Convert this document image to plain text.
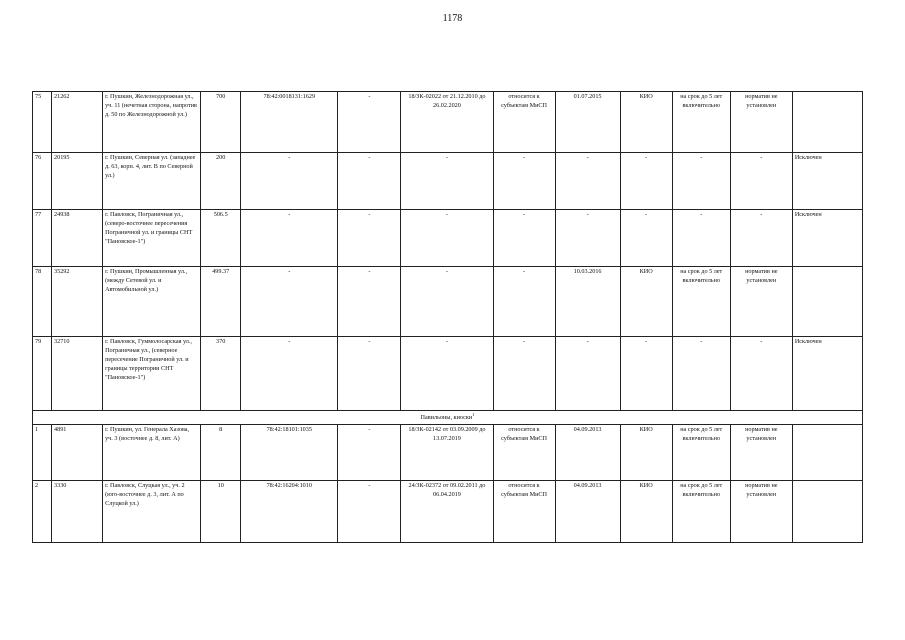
1178
75	21262	г. Пушкин, Железнодорожная ул., уч. 11 (нечетная сторона, напротив д. 50 по Железнодорожной ул.)	700	78:42:0018131:1629	-	18/ЗК-02022 от 21.12.2010 до 26.02.2020	относится к субъектам МиСП	01.07.2015	КИО	на срок до 5 лет включительно	норматив не установлен	
76	20195	г. Пушкин, Северная ул. (западнее д. 63, корп. 4, лит. В по Северной ул.)	200	-	-	-	-	-	-	-	-	Исключен
77	24938	г. Павловск, Пограничная ул., (северо-восточнее пересечения Пограничной ул. и границы СНТ "Пановское-1")	506.5	-	-	-	-	-	-	-	-	Исключен
78	35292	г. Пушкин, Промышленная ул., (между Сетевой ул. и Автомобильной ул.)	499.37	-	-	-	-	10.03.2016	КИО	на срок до 5 лет включительно	норматив не установлен	
79	32710	г. Павловск, Гуммолосарская ул., Пограничная ул., (северное пересечение Пограничной ул. и границы территории СНТ "Пановское-1")	370	-	-	-	-	-	-	-	-	Исключен
Павильоны, киоски$^1$
1	4891	г. Пушкин, ул. Генерала Хазова, уч. 3 (восточнее д. 8, лит. А)	8	78:42:18101:1035	-	18/ЗК-02142 от 03.09.2009 до 13.07.2019	относится к субъектам МиСП	04.09.2013	КИО	на срок до 5 лет включительно	норматив не установлен	
2	3330	г. Павловск, Слуцкая ул., уч. 2 (юго-восточнее д. 3, лит. А по Слуцкой ул.)	10	78:42:16204:1010	-	24/ЗК-02372 от 09.02.2011 до 06.04.2019	относится к субъектам МиСП	04.09.2013	КИО	на срок до 5 лет включительно	норматив не установлен	
